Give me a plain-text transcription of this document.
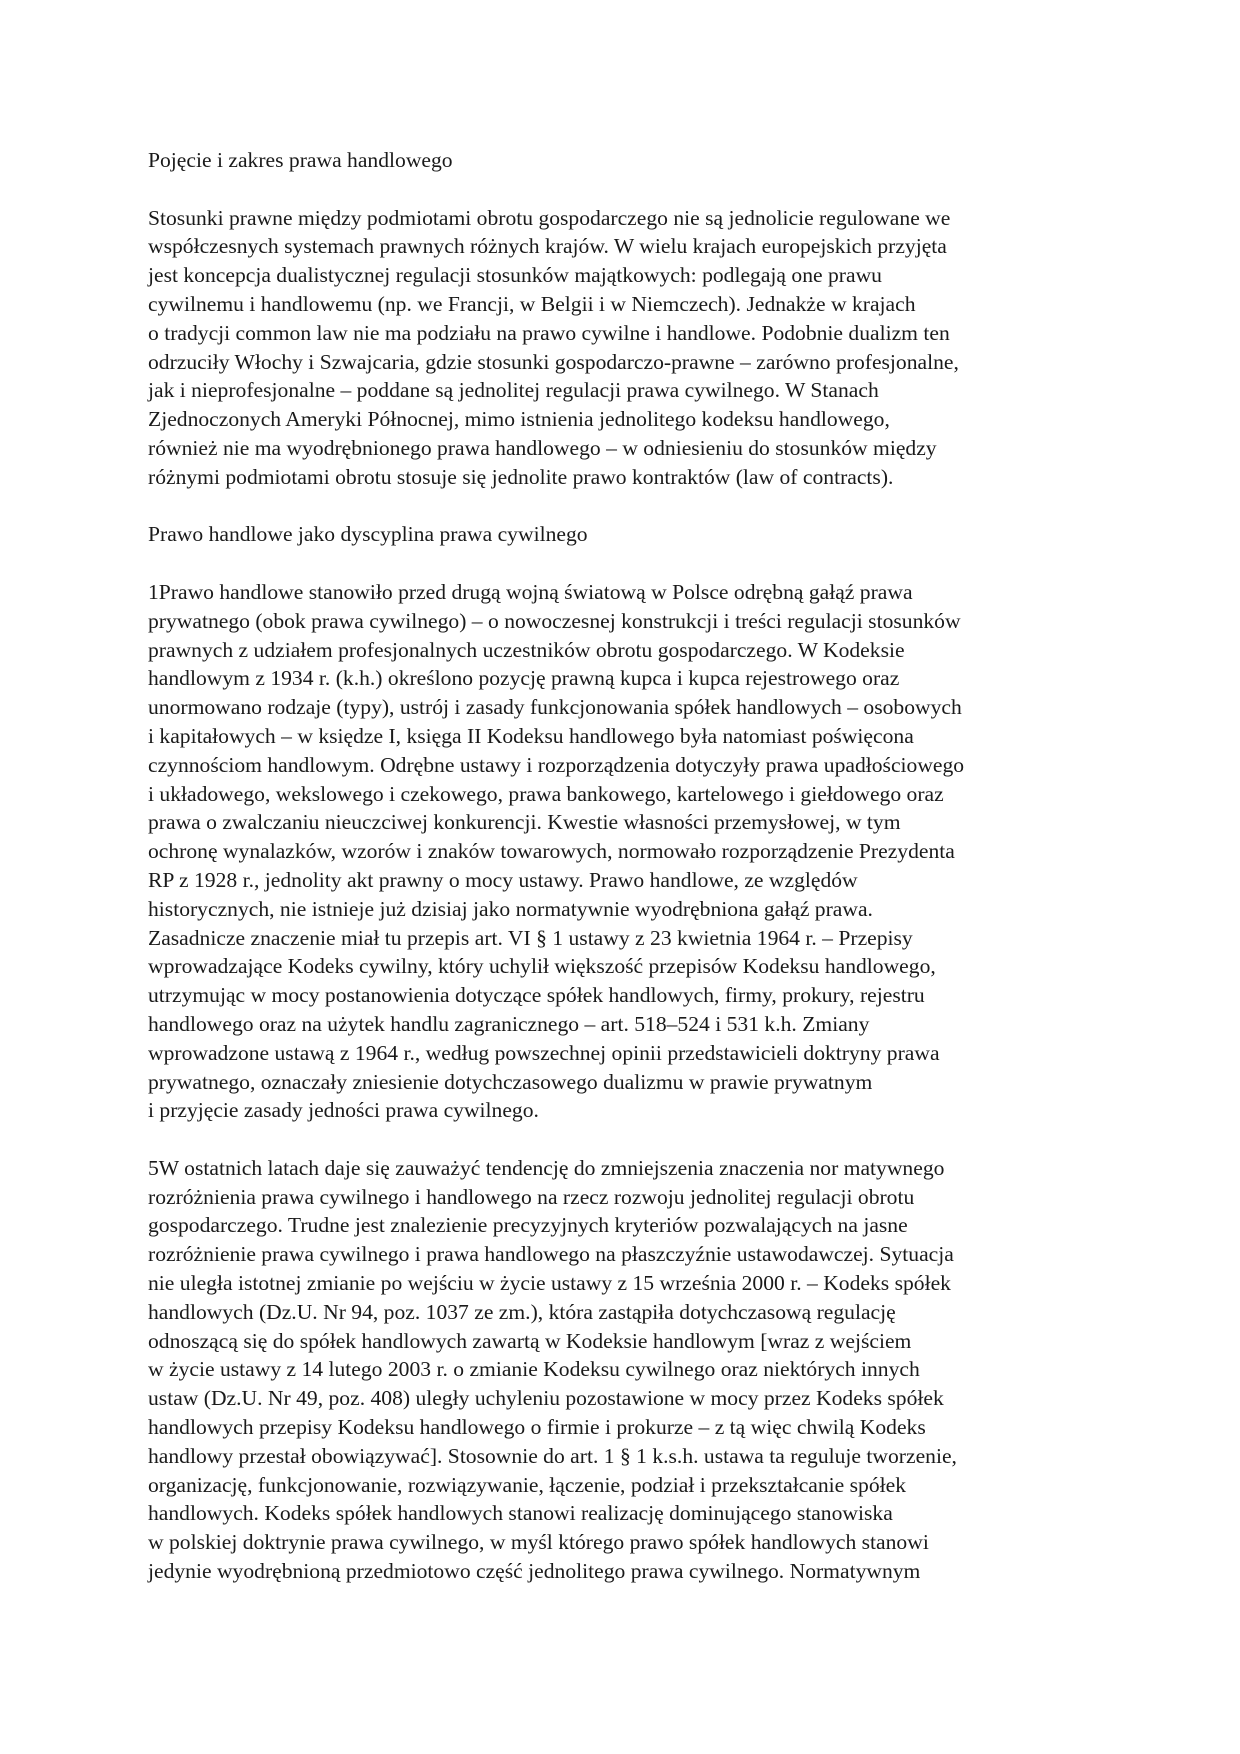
Pojęcie i zakres prawa handlowego
Stosunki prawne między podmiotami obrotu gospodarczego nie są jednolicie regulowane we
współczesnych systemach prawnych różnych krajów. W wielu krajach europejskich przyjęta
jest koncepcja dualistycznej regulacji stosunków majątkowych: podlegają one prawu
cywilnemu i handlowemu (np. we Francji, w Belgii i w Niemczech). Jednakże w krajach
o tradycji common law nie ma podziału na prawo cywilne i handlowe. Podobnie dualizm ten
odrzuciły Włochy i Szwajcaria, gdzie stosunki gospodarczo-prawne – zarówno profesjonalne,
jak i nieprofesjonalne – poddane są jednolitej regulacji prawa cywilnego. W Stanach
Zjednoczonych Ameryki Północnej, mimo istnienia jednolitego kodeksu handlowego,
również nie ma wyodrębnionego prawa handlowego – w odniesieniu do stosunków między
różnymi podmiotami obrotu stosuje się jednolite prawo kontraktów (law of contracts).
Prawo handlowe jako dyscyplina prawa cywilnego
1Prawo handlowe stanowiło przed drugą wojną światową w Polsce odrębną gałąź prawa
prywatnego (obok prawa cywilnego) – o nowoczesnej konstrukcji i treści regulacji stosunków
prawnych z udziałem profesjonalnych uczestników obrotu gospodarczego. W Kodeksie
handlowym z 1934 r. (k.h.) określono pozycję prawną kupca i kupca rejestrowego oraz
unormowano rodzaje (typy), ustrój i zasady funkcjonowania spółek handlowych – osobowych
i kapitałowych – w księdze I, księga II Kodeksu handlowego była natomiast poświęcona
czynnościom handlowym. Odrębne ustawy i rozporządzenia dotyczyły prawa upadłościowego
i układowego, wekslowego i czekowego, prawa bankowego, kartelowego i giełdowego oraz
prawa o zwalczaniu nieuczciwej konkurencji. Kwestie własności przemysłowej, w tym
ochronę wynalazków, wzorów i znaków towarowych, normowało rozporządzenie Prezydenta
RP z 1928 r., jednolity akt prawny o mocy ustawy. Prawo handlowe, ze względów
historycznych, nie istnieje już dzisiaj jako normatywnie wyodrębniona gałąź prawa.
Zasadnicze znaczenie miał tu przepis art. VI § 1 ustawy z 23 kwietnia 1964 r. – Przepisy
wprowadzające Kodeks cywilny, który uchylił większość przepisów Kodeksu handlowego,
utrzymując w mocy postanowienia dotyczące spółek handlowych, firmy, prokury, rejestru
handlowego oraz na użytek handlu zagranicznego – art. 518–524 i 531 k.h. Zmiany
wprowadzone ustawą z 1964 r., według powszechnej opinii przedstawicieli doktryny prawa
prywatnego, oznaczały zniesienie dotychczasowego dualizmu w prawie prywatnym
i przyjęcie zasady jedności prawa cywilnego.
5W ostatnich latach daje się zauważyć tendencję do zmniejszenia znaczenia nor matywnego
rozróżnienia prawa cywilnego i handlowego na rzecz rozwoju jednolitej regulacji obrotu
gospodarczego. Trudne jest znalezienie precyzyjnych kryteriów pozwalających na jasne
rozróżnienie prawa cywilnego i prawa handlowego na płaszczyźnie ustawodawczej. Sytuacja
nie uległa istotnej zmianie po wejściu w życie ustawy z 15 września 2000 r. – Kodeks spółek
handlowych (Dz.U. Nr 94, poz. 1037 ze zm.), która zastąpiła dotychczasową regulację
odnoszącą się do spółek handlowych zawartą w Kodeksie handlowym [wraz z wejściem
w życie ustawy z 14 lutego 2003 r. o zmianie Kodeksu cywilnego oraz niektórych innych
ustaw (Dz.U. Nr 49, poz. 408) uległy uchyleniu pozostawione w mocy przez Kodeks spółek
handlowych przepisy Kodeksu handlowego o firmie i prokurze – z tą więc chwilą Kodeks
handlowy przestał obowiązywać]. Stosownie do art. 1 § 1 k.s.h. ustawa ta reguluje tworzenie,
organizację, funkcjonowanie, rozwiązywanie, łączenie, podział i przekształcanie spółek
handlowych. Kodeks spółek handlowych stanowi realizację dominującego stanowiska
w polskiej doktrynie prawa cywilnego, w myśl którego prawo spółek handlowych stanowi
jedynie wyodrębnioną przedmiotowo część jednolitego prawa cywilnego. Normatywnym
